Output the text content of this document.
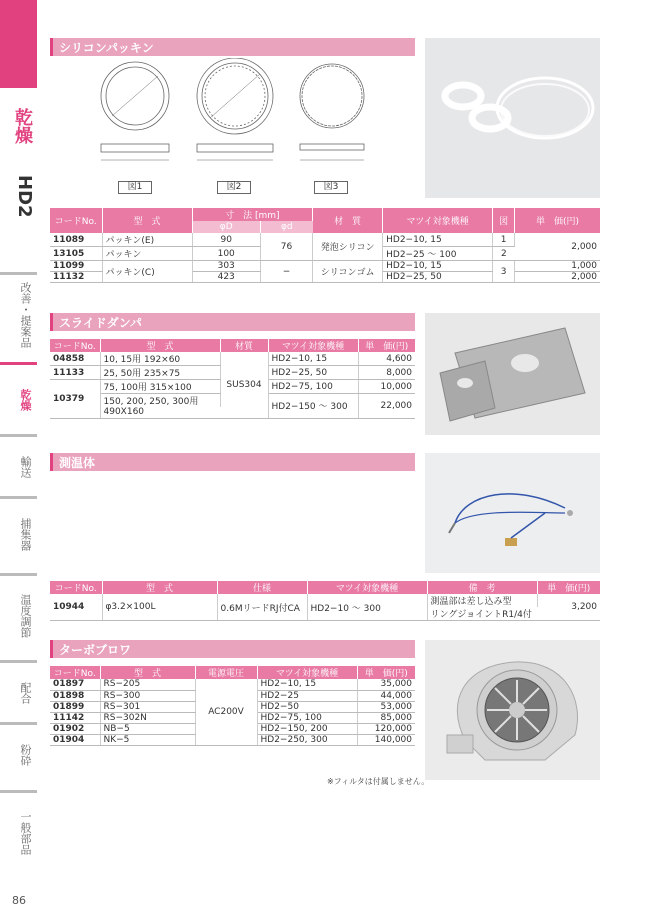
乾燥
HD2
改善・提案品
乾燥
輸送
捕集器
温度調節
配合
粉砕
一般部品
86
シリコンパッキン
図1	図2	図3
コードNo.	型　式	寸　法 [mm]		材　質	マツイ対象機種	図	単　価(円)
		φD	φd				
11089	パッキン(E)	90	76	発泡シリコン	HD2−10, 15	1	2,000
13105	パッキン	100			HD2−25 〜 100	2	
11099	パッキン(C)	303	−	シリコンゴム	HD2−10, 15	3	1,000
11132		423			HD2−25, 50		2,000
スライドダンパ
コードNo.	型　式	材質	マツイ対象機種	単　価(円)
04858	10, 15用 192×60	SUS304	HD2−10, 15	4,600
11133	25, 50用 235×75		HD2−25, 50	8,000
10379	75, 100用 315×100		HD2−75, 100	10,000
	150, 200, 250, 300用		HD2−150 〜 300	22,000
	490X160			
測温体
コードNo.	型　式	仕様	マツイ対象機種	備　考	単　価(円)
10944	φ3.2×100L	0.6MリードRJ付CA	HD2−10 〜 300	測温部は差し込み型	3,200
				リングジョイントR1/4付	
ターボブロワ
コードNo.	型　式	電源電圧	マツイ対象機種	単　価(円)
01897	RS−205	AC200V	HD2−10, 15	35,000
01898	RS−300		HD2−25	44,000
01899	RS−301		HD2−50	53,000
11142	RS−302N		HD2−75, 100	85,000
01902	NB−5		HD2−150, 200	120,000
01904	NK−5		HD2−250, 300	140,000
※フィルタは付属しません。
